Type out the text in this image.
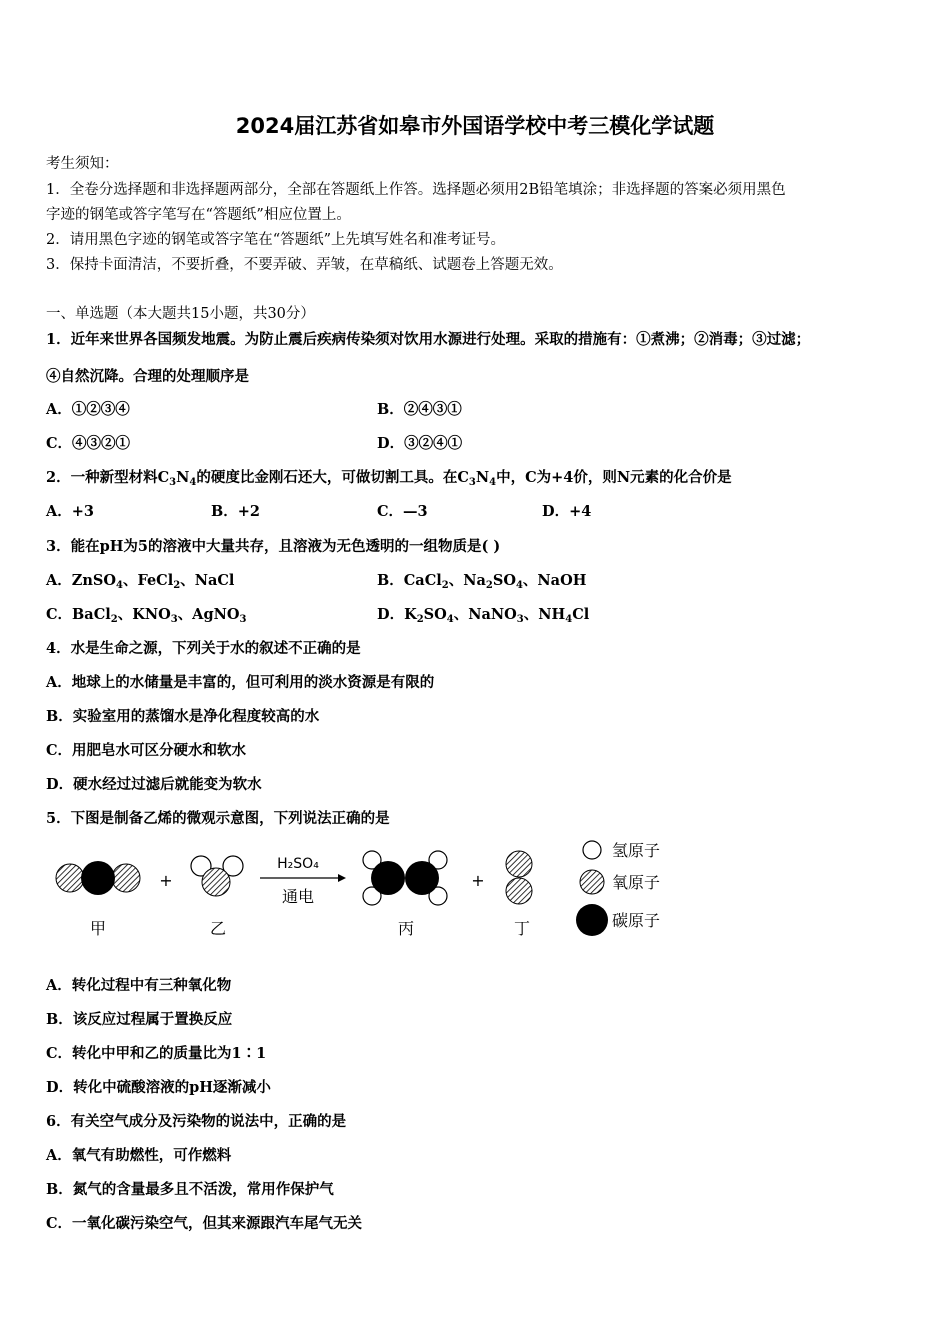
2024届江苏省如皋市外国语学校中考三模化学试题
考生须知：
1．全卷分选择题和非选择题两部分，全部在答题纸上作答。选择题必须用2B铅笔填涂；非选择题的答案必须用黑色
字迹的钢笔或答字笔写在“答题纸”相应位置上。
2．请用黑色字迹的钢笔或答字笔在“答题纸”上先填写姓名和准考证号。
3．保持卡面清洁，不要折叠，不要弄破、弄皱，在草稿纸、试题卷上答题无效。
一、单选题（本大题共15小题，共30分）
1．近年来世界各国频发地震。为防止震后疾病传染须对饮用水源进行处理。采取的措施有：①煮沸；②消毒；③过滤；
④自然沉降。合理的处理顺序是
A．①②③④	B．②④③①
C．④③②①	D．③②④①
2．一种新型材料$C_3N_4$的硬度比金刚石还大，可做切割工具。在$C_3N_4$中，C为+4价，则N元素的化合价是
A．+3	B．+2	C．—3	D．+4
3．能在pH为5的溶液中大量共存，且溶液为无色透明的一组物质是( )
A．ZnSO$_4$、FeCl$_2$、NaCl	B．CaCl$_2$、$Na_2SO_4$、NaOH
C．BaCl$_2$、$KNO_3$、AgNO$_3$	D．$K_2SO_4$、NaNO$_3$、$NH_4Cl$
4．水是生命之源，下列关于水的叙述不正确的是
A．地球上的水储量是丰富的，但可利用的淡水资源是有限的
B．实验室用的蒸馏水是净化程度较高的水
C．用肥皂水可区分硬水和软水
D．硬水经过过滤后就能变为软水
5．下图是制备乙烯的微观示意图，下列说法正确的是
+
H₂SO₄
通电
+
甲	乙	丙	丁
氢原子
氧原子
碳原子
A．转化过程中有三种氧化物
B．该反应过程属于置换反应
C．转化中甲和乙的质量比为1∶1
D．转化中硫酸溶液的pH逐渐减小
6．有关空气成分及污染物的说法中，正确的是
A．氧气有助燃性，可作燃料
B．氮气的含量最多且不活泼，常用作保护气
C．一氧化碳污染空气，但其来源跟汽车尾气无关
